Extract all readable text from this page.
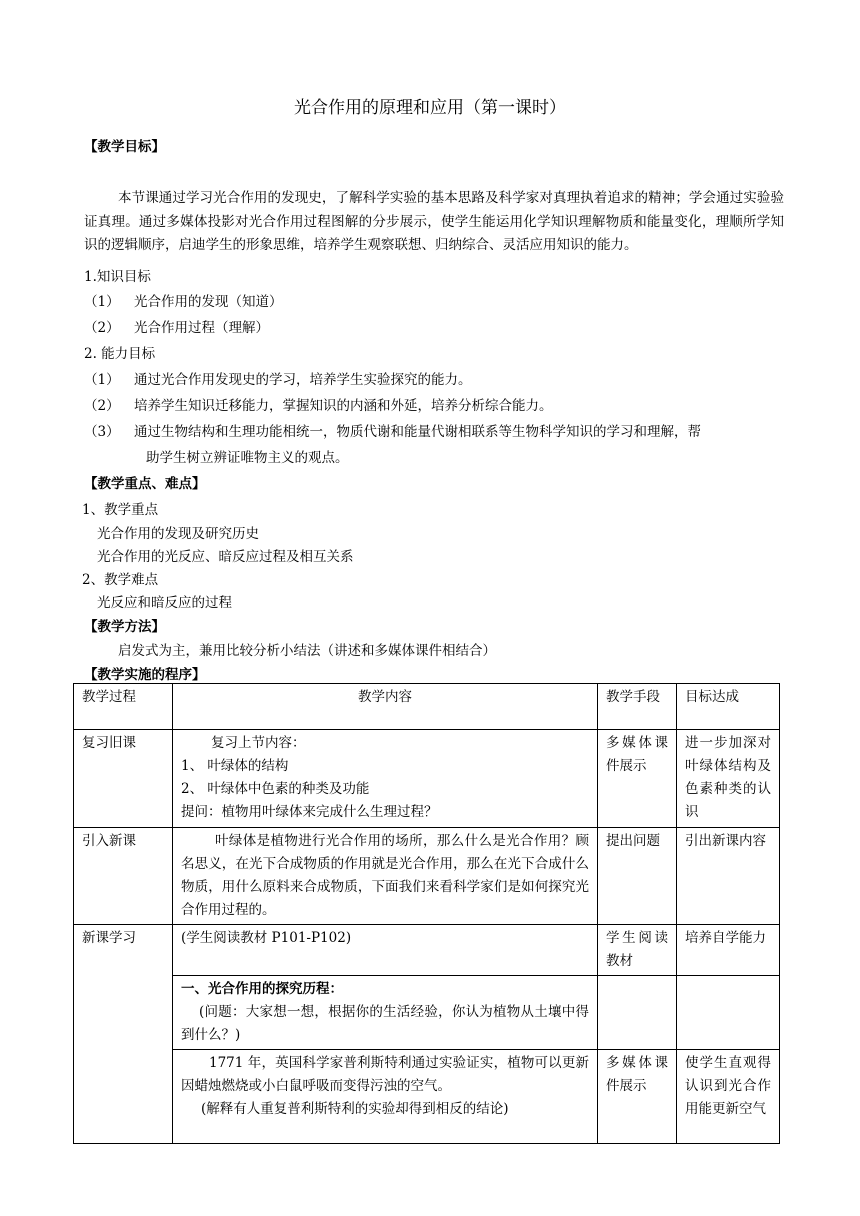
光合作用的原理和应用（第一课时）
【教学目标】
本节课通过学习光合作用的发现史，了解科学实验的基本思路及科学家对真理执着追求的精神；学会通过实验验证真理。通过多媒体投影对光合作用过程图解的分步展示，使学生能运用化学知识理解物质和能量变化，理顺所学知识的逻辑顺序，启迪学生的形象思维，培养学生观察联想、归纳综合、灵活应用知识的能力。
1.知识目标
（1） 光合作用的发现（知道）
（2） 光合作用过程（理解）
2. 能力目标
（1） 通过光合作用发现史的学习，培养学生实验探究的能力。
（2） 培养学生知识迁移能力，掌握知识的内涵和外延，培养分析综合能力。
（3） 通过生物结构和生理功能相统一，物质代谢和能量代谢相联系等生物科学知识的学习和理解，帮
助学生树立辨证唯物主义的观点。
【教学重点、难点】
1、教学重点
光合作用的发现及研究历史
光合作用的光反应、暗反应过程及相互关系
2、教学难点
光反应和暗反应的过程
【教学方法】
启发式为主，兼用比较分析小结法（讲述和多媒体课件相结合）
【教学实施的程序】
教学过程	教学内容	教学手段	目标达成
复习旧课	复习上节内容：
1、 叶绿体的结构
2、 叶绿体中色素的种类及功能
提问：植物用叶绿体来完成什么生理过程？	多媒体课件展示	进一步加深对叶绿体结构及色素种类的认识
引入新课	叶绿体是植物进行光合作用的场所，那么什么是光合作用？顾名思义，在光下合成物质的作用就是光合作用，那么在光下合成什么物质，用什么原料来合成物质，下面我们来看科学家们是如何探究光合作用过程的。	提出问题	引出新课内容
新课学习	(学生阅读教材 P101-P102)	学生阅读教材	培养自学能力

	一、光合作用的探究历程：
(问题：大家想一想，根据你的生活经验，你认为植物从土壤中得到什么？)		

	1771 年，英国科学家普利斯特利通过实验证实，植物可以更新因蜡烛燃烧或小白鼠呼吸而变得污浊的空气。
(解释有人重复普利斯特利的实验却得到相反的结论)	多媒体课件展示	使学生直观得认识到光合作用能更新空气
